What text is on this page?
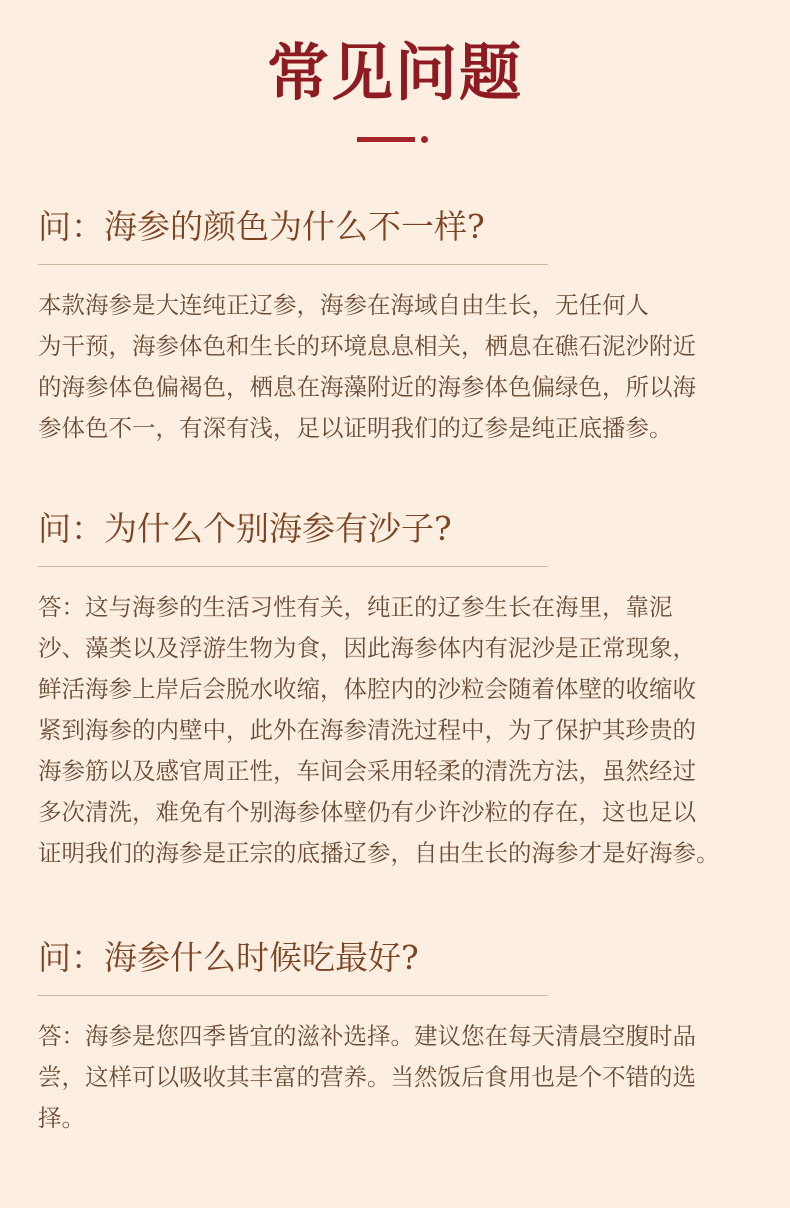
常见问题
问：海参的颜色为什么不一样?
本款海参是大连纯正辽参，海参在海域自由生长，无任何人
为干预，海参体色和生长的环境息息相关，栖息在礁石泥沙附近
的海参体色偏褐色，栖息在海藻附近的海参体色偏绿色，所以海
参体色不一，有深有浅，足以证明我们的辽参是纯正底播参。
问：为什么个别海参有沙子?
答：这与海参的生活习性有关，纯正的辽参生长在海里，靠泥
沙、藻类以及浮游生物为食，因此海参体内有泥沙是正常现象，
鲜活海参上岸后会脱水收缩，体腔内的沙粒会随着体壁的收缩收
紧到海参的内壁中，此外在海参清洗过程中，为了保护其珍贵的
海参筋以及感官周正性，车间会采用轻柔的清洗方法，虽然经过
多次清洗，难免有个别海参体壁仍有少许沙粒的存在，这也足以
证明我们的海参是正宗的底播辽参，自由生长的海参才是好海参。
问：海参什么时候吃最好?
答：海参是您四季皆宜的滋补选择。建议您在每天清晨空腹时品
尝，这样可以吸收其丰富的营养。当然饭后食用也是个不错的选
择。
